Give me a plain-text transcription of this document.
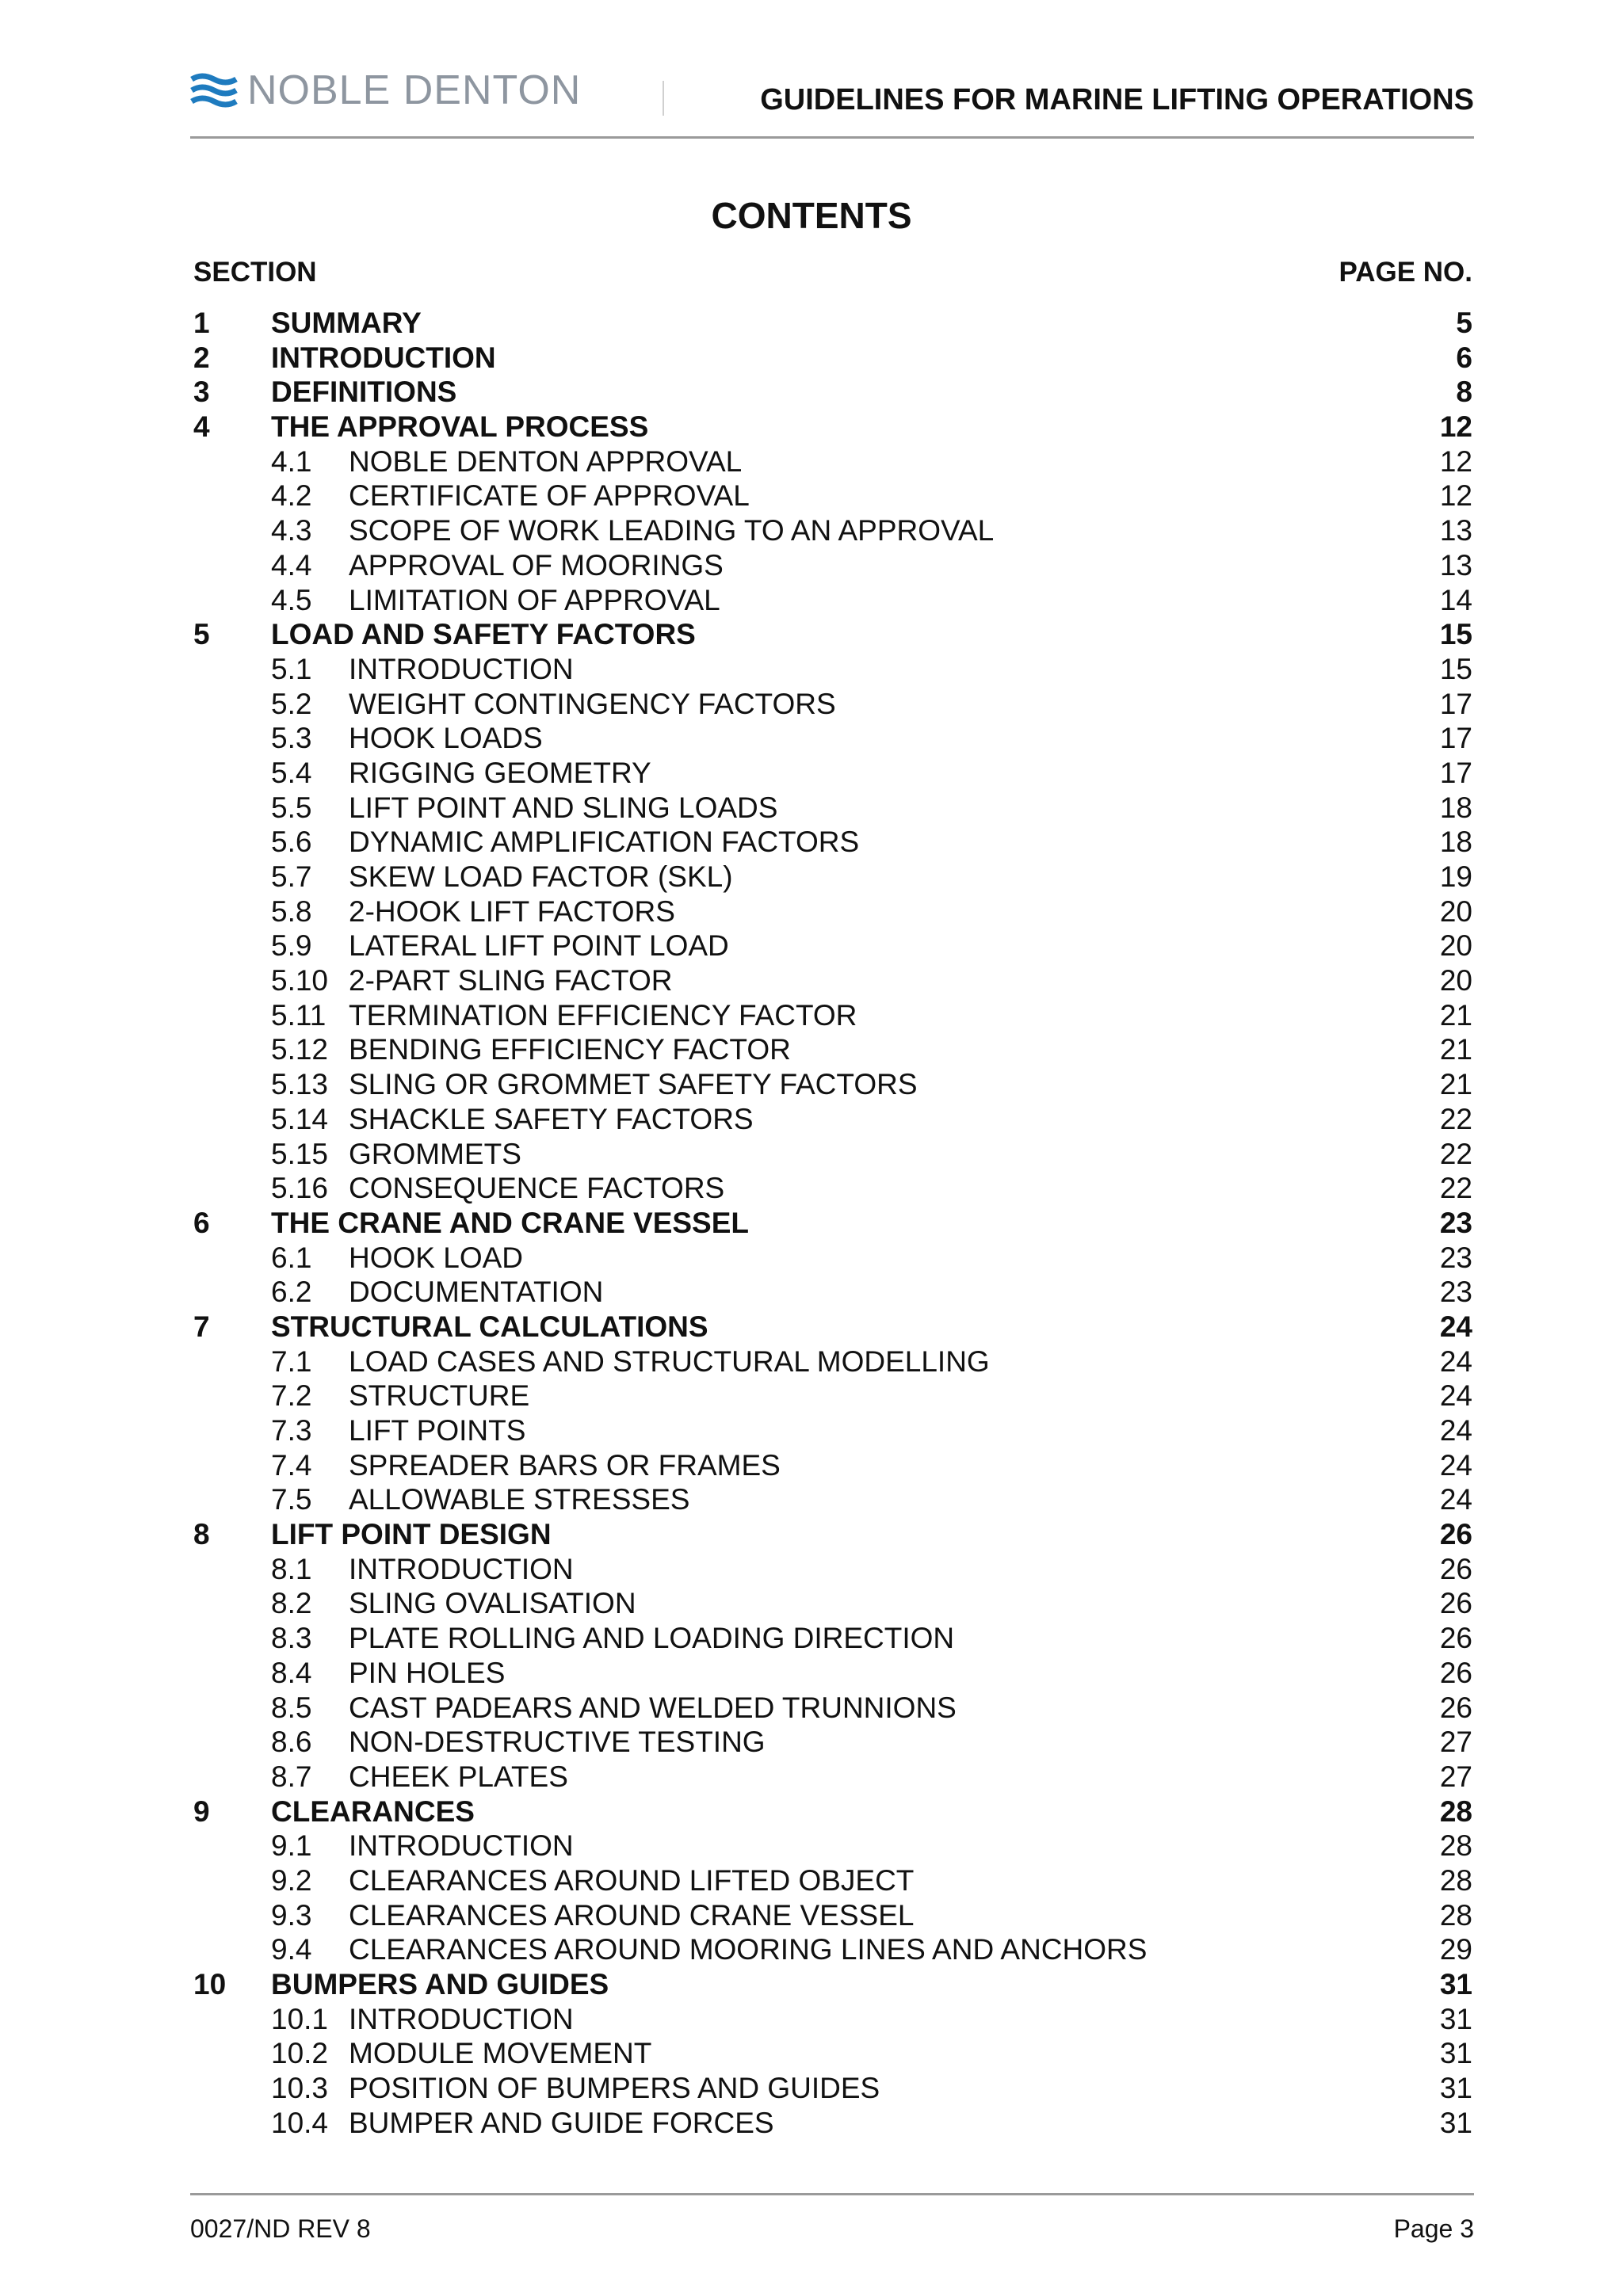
NOBLE DENTON	GUIDELINES FOR MARINE LIFTING OPERATIONS
CONTENTS
SECTION	PAGE NO.
1 SUMMARY	5
2 INTRODUCTION	6
3 DEFINITIONS	8
4 THE APPROVAL PROCESS	12
4.1 NOBLE DENTON APPROVAL	12
4.2 CERTIFICATE OF APPROVAL	12
4.3 SCOPE OF WORK LEADING TO AN APPROVAL	13
4.4 APPROVAL OF MOORINGS	13
4.5 LIMITATION OF APPROVAL	14
5 LOAD AND SAFETY FACTORS	15
5.1 INTRODUCTION	15
5.2 WEIGHT CONTINGENCY FACTORS	17
5.3 HOOK LOADS	17
5.4 RIGGING GEOMETRY	17
5.5 LIFT POINT AND SLING LOADS	18
5.6 DYNAMIC AMPLIFICATION FACTORS	18
5.7 SKEW LOAD FACTOR (SKL)	19
5.8 2-HOOK LIFT FACTORS	20
5.9 LATERAL LIFT POINT LOAD	20
5.10 2-PART SLING FACTOR	20
5.11 TERMINATION EFFICIENCY FACTOR	21
5.12 BENDING EFFICIENCY FACTOR	21
5.13 SLING OR GROMMET SAFETY FACTORS	21
5.14 SHACKLE SAFETY FACTORS	22
5.15 GROMMETS	22
5.16 CONSEQUENCE FACTORS	22
6 THE CRANE AND CRANE VESSEL	23
6.1 HOOK LOAD	23
6.2 DOCUMENTATION	23
7 STRUCTURAL CALCULATIONS	24
7.1 LOAD CASES AND STRUCTURAL MODELLING	24
7.2 STRUCTURE	24
7.3 LIFT POINTS	24
7.4 SPREADER BARS OR FRAMES	24
7.5 ALLOWABLE STRESSES	24
8 LIFT POINT DESIGN	26
8.1 INTRODUCTION	26
8.2 SLING OVALISATION	26
8.3 PLATE ROLLING AND LOADING DIRECTION	26
8.4 PIN HOLES	26
8.5 CAST PADEARS AND WELDED TRUNNIONS	26
8.6 NON-DESTRUCTIVE TESTING	27
8.7 CHEEK PLATES	27
9 CLEARANCES	28
9.1 INTRODUCTION	28
9.2 CLEARANCES AROUND LIFTED OBJECT	28
9.3 CLEARANCES AROUND CRANE VESSEL	28
9.4 CLEARANCES AROUND MOORING LINES AND ANCHORS	29
10 BUMPERS AND GUIDES	31
10.1 INTRODUCTION	31
10.2 MODULE MOVEMENT	31
10.3 POSITION OF BUMPERS AND GUIDES	31
10.4 BUMPER AND GUIDE FORCES	31
0027/ND REV 8	Page 3
